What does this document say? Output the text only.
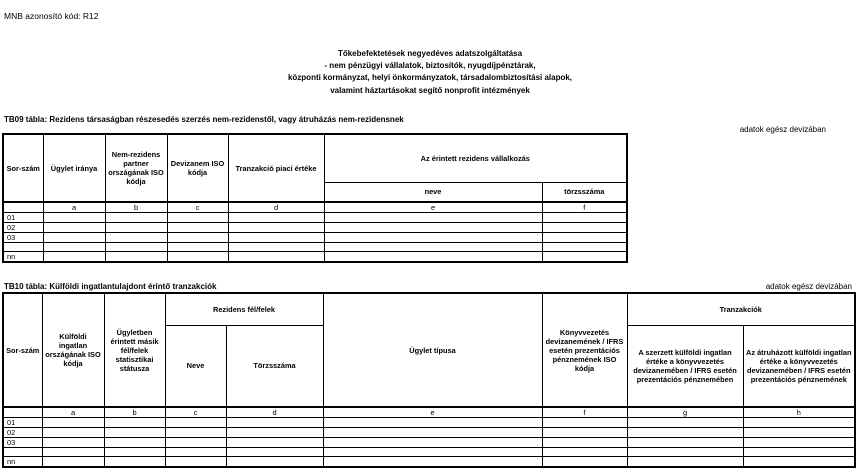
MNB azonosító kód: R12
Tőkebefektetések negyedéves adatszolgáltatása
- nem pénzügyi vállalatok, biztosítók, nyugdíjpénztárak,
központi kormányzat, helyi önkormányzatok, társadalombiztosítási alapok,
valamint háztartásokat segítő nonprofit intézmények
TB09 tábla: Rezidens társaságban részesedés szerzés nem-rezidenstől, vagy átruházás nem-rezidensnek
adatok egész devizában
Sor-szám	Ügylet iránya	Nem-rezidens partner országának ISO kódja	Devizanem ISO kódja	Tranzakció piaci értéke	Az érintett rezidens vállalkozás	
					neve	törzsszáma
	a	b	c	d	e	f
01						
02						
03						

nn						
TB10 tábla: Külföldi ingatlantulajdont érintő tranzakciók	adatok egész devizában
Sor-szám	Külföldi ingatlan országának ISO kódja	Ügyletben érintett másik fél/felek statisztikai státusza	Rezidens fél/felek		Ügylet típusa	Könyvvezetés devizanemének / IFRS esetén prezentációs pénznemének ISO kódja	Tranzakciók	
			Neve	Törzsszáma			A szerzett külföldi ingatlan értéke a könyvvezetés devizanemében / IFRS esetén prezentációs pénznemében	Az átruházott külföldi ingatlan értéke a könyvvezetés devizanemében / IFRS esetén prezentációs pénznemének
	a	b	c	d	e	f	g	h
01								
02								
03								

nn								
